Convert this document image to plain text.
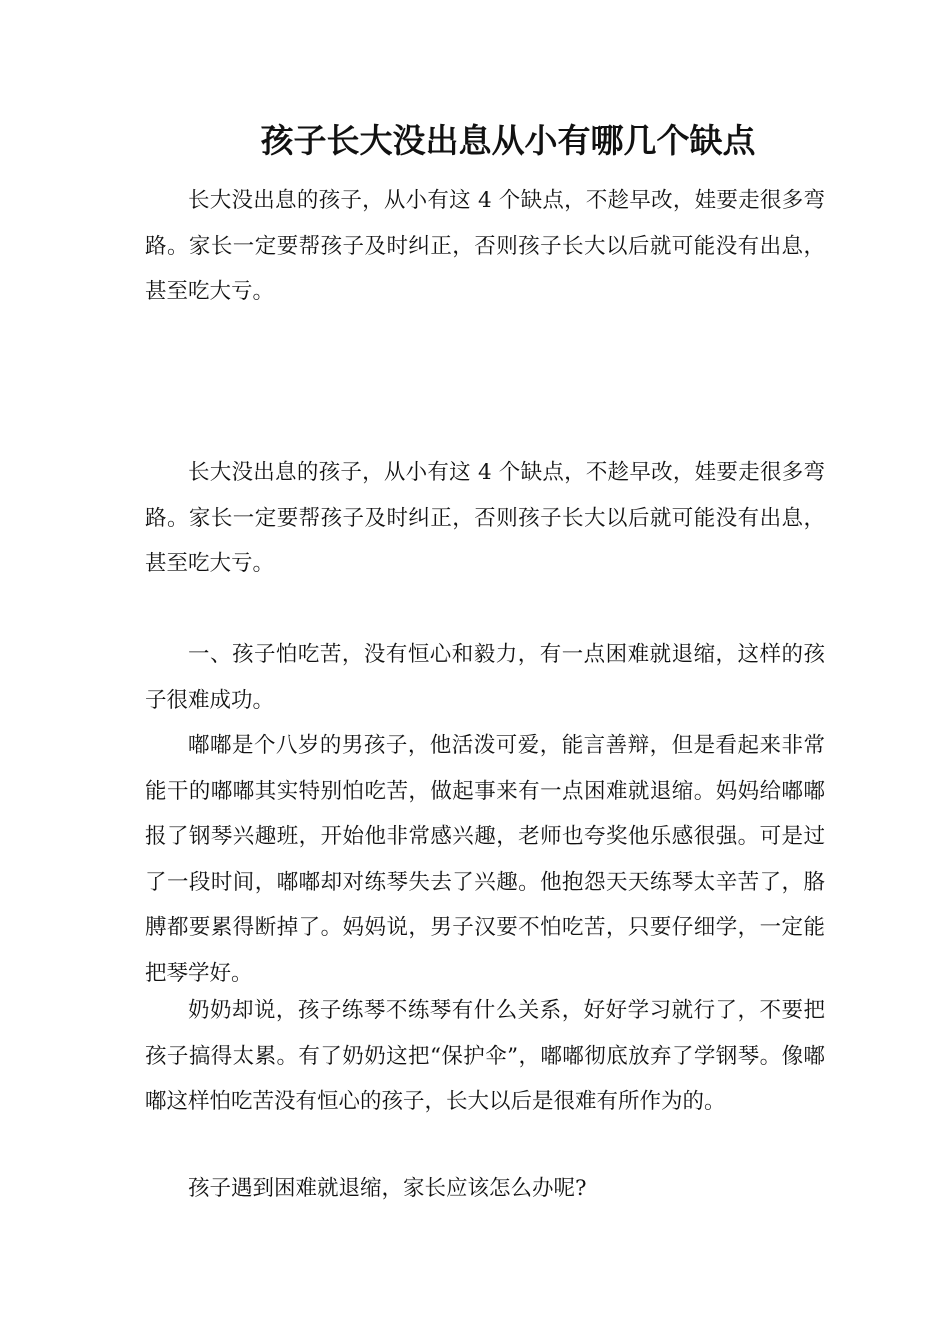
孩子长大没出息从小有哪几个缺点

长大没出息的孩子，从小有这 4 个缺点，不趁早改，娃要走很多弯路。家长一定要帮孩子及时纠正，否则孩子长大以后就可能没有出息，甚至吃大亏。

长大没出息的孩子，从小有这 4 个缺点，不趁早改，娃要走很多弯路。家长一定要帮孩子及时纠正，否则孩子长大以后就可能没有出息，甚至吃大亏。

一、孩子怕吃苦，没有恒心和毅力，有一点困难就退缩，这样的孩子很难成功。

嘟嘟是个八岁的男孩子，他活泼可爱，能言善辩，但是看起来非常能干的嘟嘟其实特别怕吃苦，做起事来有一点困难就退缩。妈妈给嘟嘟报了钢琴兴趣班，开始他非常感兴趣，老师也夸奖他乐感很强。可是过了一段时间，嘟嘟却对练琴失去了兴趣。他抱怨天天练琴太辛苦了，胳膊都要累得断掉了。妈妈说，男子汉要不怕吃苦，只要仔细学，一定能把琴学好。

奶奶却说，孩子练琴不练琴有什么关系，好好学习就行了，不要把孩子搞得太累。有了奶奶这把“保护伞”，嘟嘟彻底放弃了学钢琴。像嘟嘟这样怕吃苦没有恒心的孩子，长大以后是很难有所作为的。

孩子遇到困难就退缩，家长应该怎么办呢?
